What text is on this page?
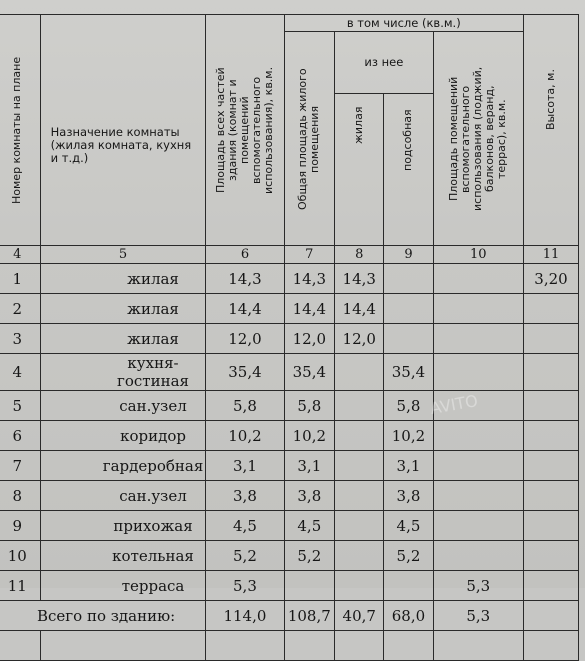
Номер комнаты на плане	Назначение комнаты (жилая комната, кухня и т.д.)	Площадь всех частей здания (комнат и помещений вспомогательного использования), кв.м.	в том числе (кв.м.)				Высота, м.

			Общая площадь жилого помещения	из нее		Площадь помещений вспомогательного использования (лоджий, балконов, веранд, террас), кв.м.	

				жилая	подсобная		

4	5	6	7	8	9	10	11
1	жилая	14,3	14,3	14,3			3,20
2	жилая	14,4	14,4	14,4			
3	жилая	12,0	12,0	12,0			
4	кухня-гостиная	35,4	35,4		35,4		
5	сан.узел	5,8	5,8		5,8		
6	коридор	10,2	10,2		10,2		
7	гардеробная	3,1	3,1		3,1		
8	сан.узел	3,8	3,8		3,8		
9	прихожая	4,5	4,5		4,5		
10	котельная	5,2	5,2		5,2		
11	терраса	5,3				5,3	
Всего по зданию:		114,0	108,7	40,7	68,0	5,3	

AVITO
